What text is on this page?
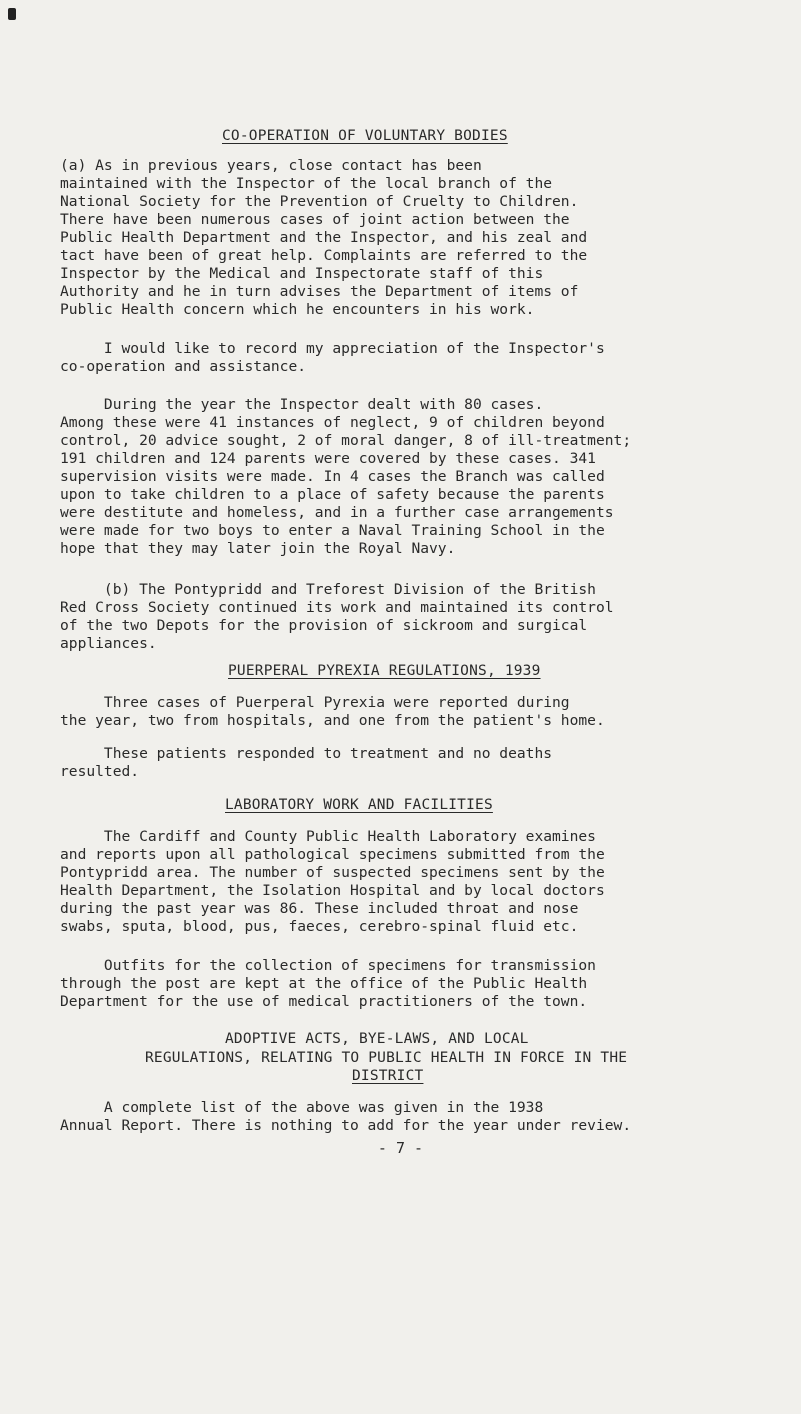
CO-OPERATION OF VOLUNTARY BODIES

(a) As in previous years, close contact has been
maintained with the Inspector of the local branch of the
National Society for the Prevention of Cruelty to Children.
There have been numerous cases of joint action between the
Public Health Department and the Inspector, and his zeal and
tact have been of great help. Complaints are referred to the
Inspector by the Medical and Inspectorate staff of this
Authority and he in turn advises the Department of items of
Public Health concern which he encounters in his work.

I would like to record my appreciation of the Inspector's
co-operation and assistance.

During the year the Inspector dealt with 80 cases.
Among these were 41 instances of neglect, 9 of children beyond
control, 20 advice sought, 2 of moral danger, 8 of ill-treatment;
191 children and 124 parents were covered by these cases. 341
supervision visits were made. In 4 cases the Branch was called
upon to take children to a place of safety because the parents
were destitute and homeless, and in a further case arrangements
were made for two boys to enter a Naval Training School in the
hope that they may later join the Royal Navy.

(b) The Pontypridd and Treforest Division of the British
Red Cross Society continued its work and maintained its control
of the two Depots for the provision of sickroom and surgical
appliances.

PUERPERAL PYREXIA REGULATIONS, 1939

Three cases of Puerperal Pyrexia were reported during
the year, two from hospitals, and one from the patient's home.

These patients responded to treatment and no deaths
resulted.

LABORATORY WORK AND FACILITIES

The Cardiff and County Public Health Laboratory examines
and reports upon all pathological specimens submitted from the
Pontypridd area. The number of suspected specimens sent by the
Health Department, the Isolation Hospital and by local doctors
during the past year was 86. These included throat and nose
swabs, sputa, blood, pus, faeces, cerebro-spinal fluid etc.

Outfits for the collection of specimens for transmission
through the post are kept at the office of the Public Health
Department for the use of medical practitioners of the town.

ADOPTIVE ACTS, BYE-LAWS, AND LOCAL
REGULATIONS, RELATING TO PUBLIC HEALTH IN FORCE IN THE
DISTRICT

A complete list of the above was given in the 1938
Annual Report. There is nothing to add for the year under review.

- 7 -
